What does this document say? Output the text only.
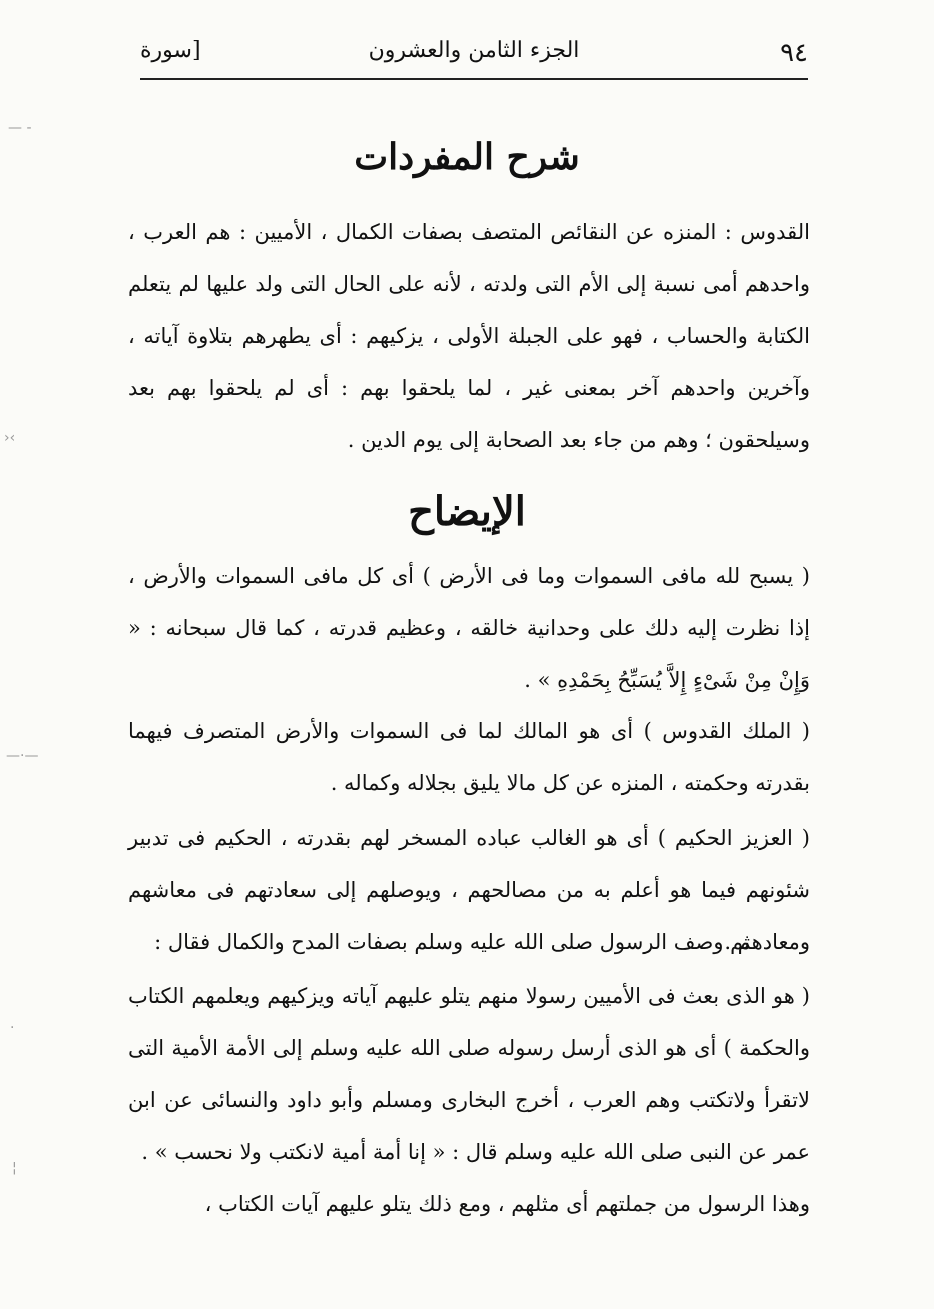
٩٤
الجزء الثامن والعشرون
[سورة
شرح المفردات
القدوس : المنزه عن النقائص المتصف بصفات الكمال ، الأميين : هم العرب ، واحدهم أمى نسبة إلى الأم التى ولدته ، لأنه على الحال التى ولد عليها لم يتعلم الكتابة والحساب ، فهو على الجبلة الأولى ، يزكيهم : أى يطهرهم بتلاوة آياته ، وآخرين واحدهم آخر بمعنى غير ، لما يلحقوا بهم : أى لم يلحقوا بهم بعد وسيلحقون ؛ وهم من جاء بعد الصحابة إلى يوم الدين .
الإيضاح
( يسبح لله مافى السموات وما فى الأرض ) أى كل مافى السموات والأرض ، إذا نظرت إليه دلك على وحدانية خالقه ، وعظيم قدرته ، كما قال سبحانه : « وَإِنْ مِنْ شَىْءٍ إِلاَّ يُسَبِّحُ بِحَمْدِهِ » .
( الملك القدوس ) أى هو المالك لما فى السموات والأرض المتصرف فيهما بقدرته وحكمته ، المنزه عن كل مالا يليق بجلاله وكماله .
( العزيز الحكيم ) أى هو الغالب عباده المسخر لهم بقدرته ، الحكيم فى تدبير شئونهم فيما هو أعلم به من مصالحهم ، ويوصلهم إلى سعادتهم فى معاشهم ومعادهم .
ثم وصف الرسول صلى الله عليه وسلم بصفات المدح والكمال فقال :
( هو الذى بعث فى الأميين رسولا منهم يتلو عليهم آياته ويزكيهم ويعلمهم الكتاب والحكمة ) أى هو الذى أرسل رسوله صلى الله عليه وسلم إلى الأمة الأمية التى لاتقرأ ولاتكتب وهم العرب ، أخرج البخارى ومسلم وأبو داود والنسائى عن ابن عمر عن النبى صلى الله عليه وسلم قال : « إنا أمة أمية لانكتب ولا نحسب » .
وهذا الرسول من جملتهم أى مثلهم ، ومع ذلك يتلو عليهم آيات الكتاب ،
— -
›‹
—·—
·
¦
